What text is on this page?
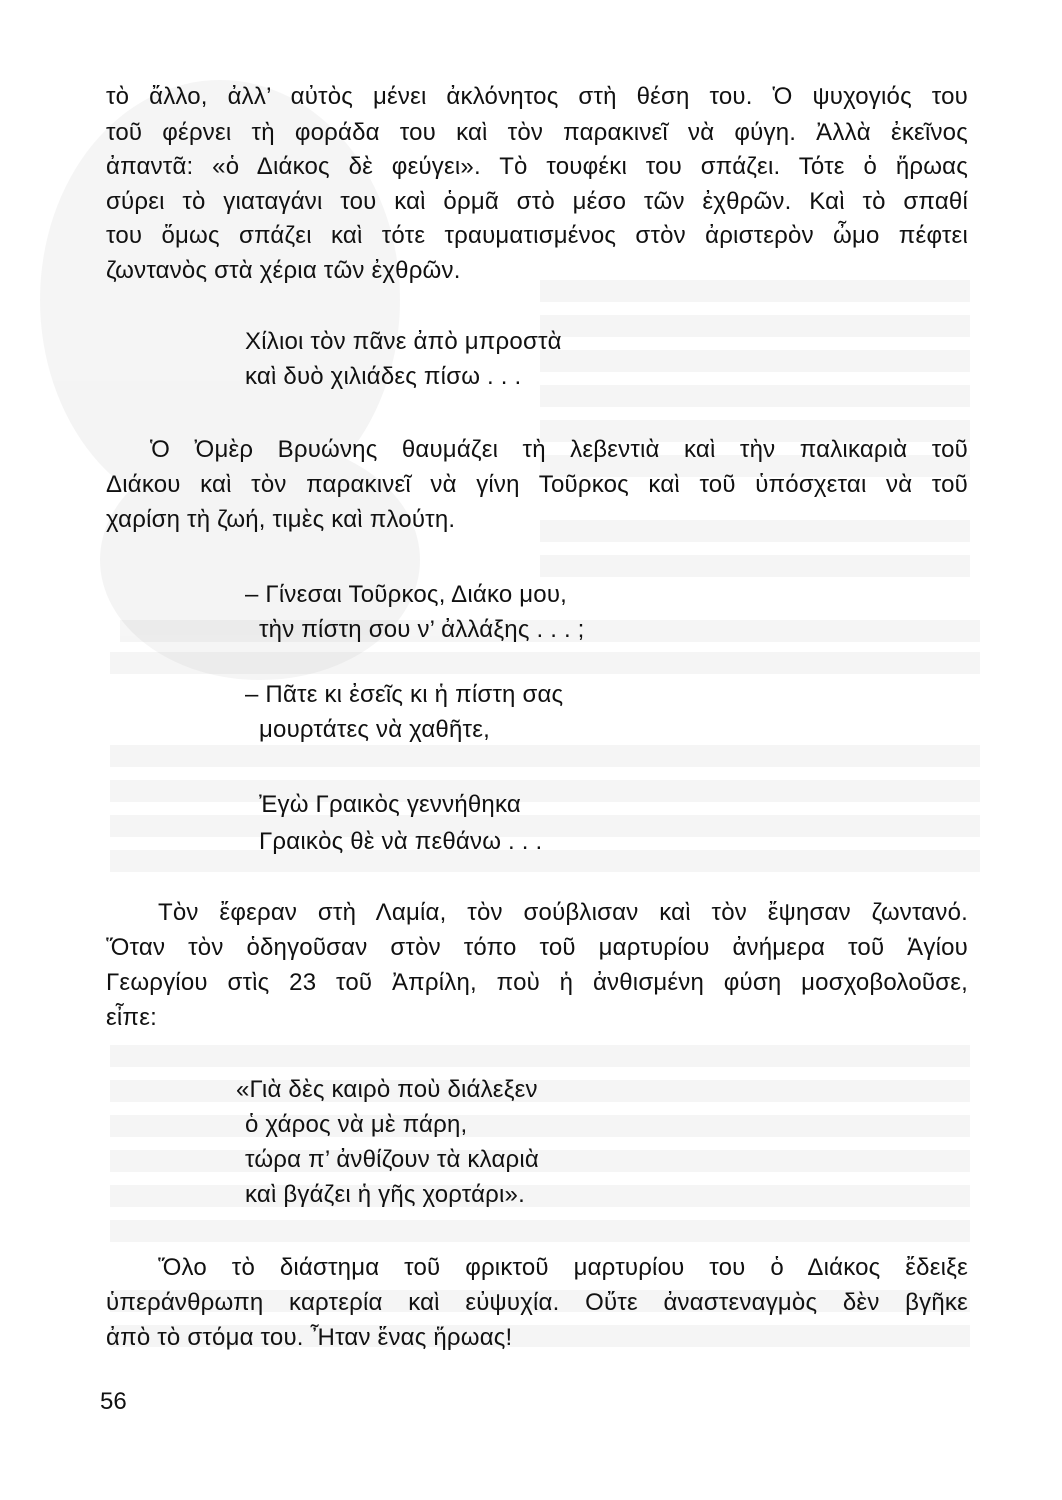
τὸ ἄλλο, ἀλλ’ αὐτὸς μένει ἀκλόνητος στὴ θέση του. Ὁ ψυχογιός του
τοῦ φέρνει τὴ φοράδα του καὶ τὸν παρακινεῖ νὰ φύγη. Ἀλλὰ ἐκεῖνος
ἀπαντᾶ: «ὁ Διάκος δὲ φεύγει». Τὸ τουφέκι του σπάζει. Τότε ὁ ἥρωας
σύρει τὸ γιαταγάνι του καὶ ὁρμᾶ στὸ μέσο τῶν ἐχθρῶν. Καὶ τὸ σπαθί
του ὅμως σπάζει καὶ τότε τραυματισμένος στὸν ἀριστερὸν ὦμο πέφτει
ζωντανὸς στὰ χέρια τῶν ἐχθρῶν.
Χίλιοι τὸν πᾶνε ἀπὸ μπροστὰ
καὶ δυὸ χιλιάδες πίσω . . .
Ὁ Ὀμὲρ Βρυώνης θαυμάζει τὴ λεβεντιὰ καὶ τὴν παλικαριὰ τοῦ
Διάκου καὶ τὸν παρακινεῖ νὰ γίνη Τοῦρκος καὶ τοῦ ὑπόσχεται νὰ τοῦ
χαρίση τὴ ζωή, τιμὲς καὶ πλούτη.
– Γίνεσαι Τοῦρκος, Διάκο μου,
τὴν πίστη σου ν’ ἀλλάξης . . . ;
– Πᾶτε κι ἐσεῖς κι ἡ πίστη σας
μουρτάτες νὰ χαθῆτε,
Ἐγὼ Γραικὸς γεννήθηκα
Γραικὸς θὲ νὰ πεθάνω . . .
Τὸν ἔφεραν στὴ Λαμία, τὸν σούβλισαν καὶ τὸν ἔψησαν ζωντανό.
Ὅταν τὸν ὁδηγοῦσαν στὸν τόπο τοῦ μαρτυρίου ἀνήμερα τοῦ Ἁγίου
Γεωργίου στὶς 23 τοῦ Ἀπρίλη, ποὺ ἡ ἀνθισμένη φύση μοσχοβολοῦσε,
εἶπε:
«Γιὰ δὲς καιρὸ ποὺ διάλεξεν
ὁ χάρος νὰ μὲ πάρη,
τώρα π’ ἀνθίζουν τὰ κλαριὰ
καὶ βγάζει ἡ γῆς χορτάρι».
Ὅλο τὸ διάστημα τοῦ φρικτοῦ μαρτυρίου του ὁ Διάκος ἔδειξε
ὑπεράνθρωπη καρτερία καὶ εὐψυχία. Οὔτε ἀναστεναγμὸς δὲν βγῆκε
ἀπὸ τὸ στόμα του. Ἦταν ἕνας ἥρωας!
56
